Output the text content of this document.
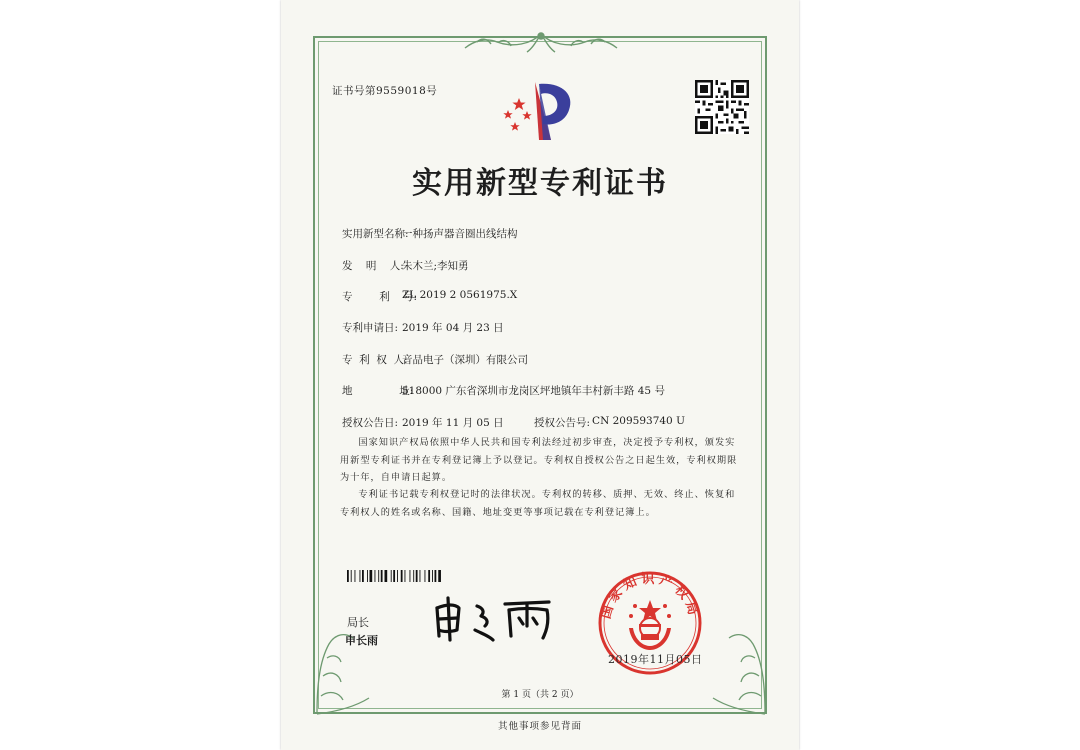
证书号第9559018号
实用新型专利证书
实用新型名称:
一种扬声器音圈出线结构
发    明    人:
朱木兰;李知勇
专        利    号:
ZL 2019 2 0561975.X
专利申请日: 2019 年 04 月 23 日
专  利  权  人:
音品电子（深圳）有限公司
地              址:
518000 广东省深圳市龙岗区坪地镇年丰村新丰路 45 号
授权公告日: 2019 年 11 月 05 日	授权公告号: CN 209593740 U
国家知识产权局依照中华人民共和国专利法经过初步审查，决定授予专利权，颁发实用新型专利证书并在专利登记簿上予以登记。专利权自授权公告之日起生效，专利权期限为十年，自申请日起算。
专利证书记载专利权登记时的法律状况。专利权的转移、质押、无效、终止、恢复和专利权人的姓名或名称、国籍、地址变更等事项记载在专利登记簿上。
局长
申长雨
国家知识产权局
2019年11月05日
第 1 页（共 2 页）
其他事项参见背面
